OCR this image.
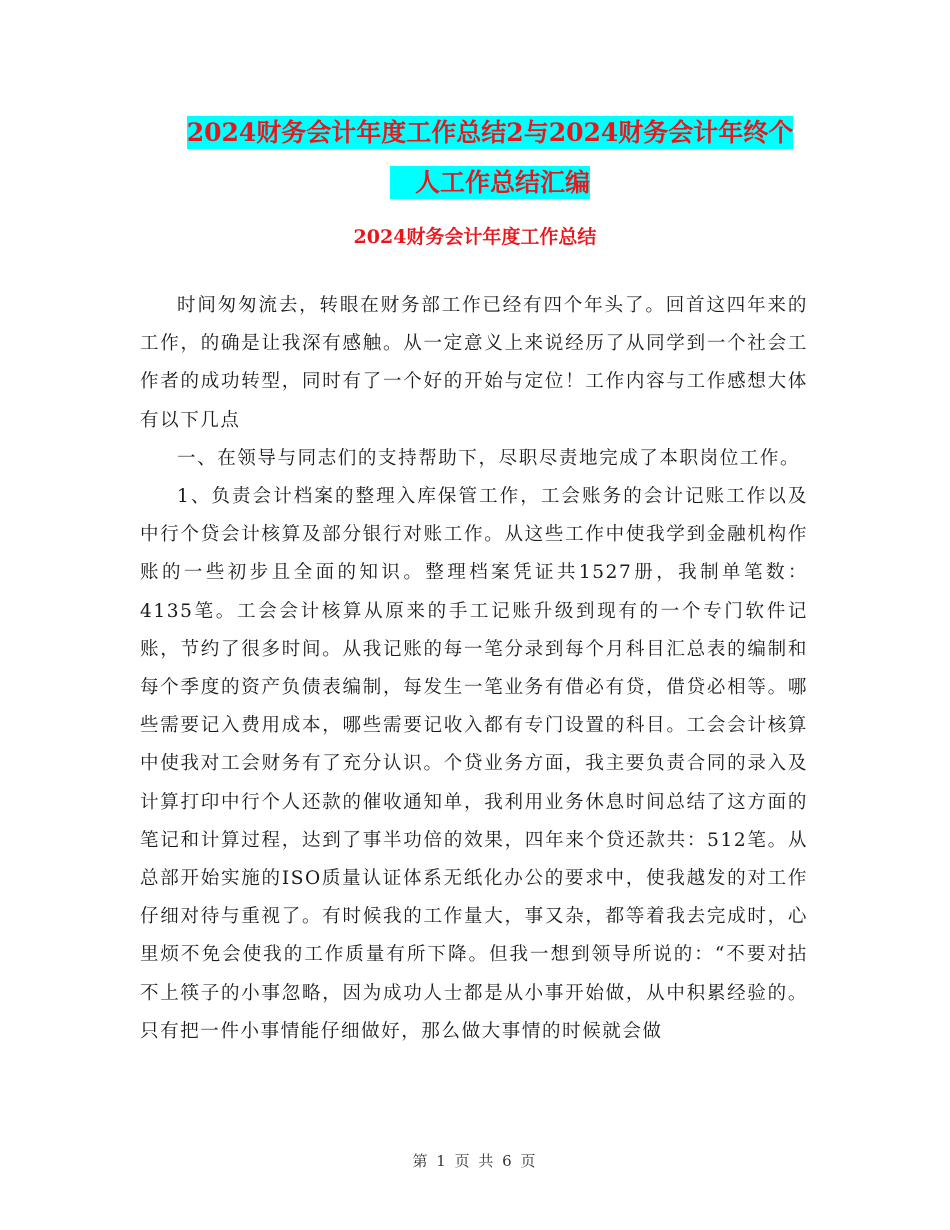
2024财务会计年度工作总结2与2024财务会计年终个
人工作总结汇编
2024财务会计年度工作总结

时间匆匆流去，转眼在财务部工作已经有四个年头了。回首这四年来的工作，的确是让我深有感触。从一定意义上来说经历了从同学到一个社会工作者的成功转型，同时有了一个好的开始与定位！工作内容与工作感想大体有以下几点

一、在领导与同志们的支持帮助下，尽职尽责地完成了本职岗位工作。

1、负责会计档案的整理入库保管工作，工会账务的会计记账工作以及中行个贷会计核算及部分银行对账工作。从这些工作中使我学到金融机构作账的一些初步且全面的知识。整理档案凭证共1527册，我制单笔数：4135笔。工会会计核算从原来的手工记账升级到现有的一个专门软件记账，节约了很多时间。从我记账的每一笔分录到每个月科目汇总表的编制和每个季度的资产负债表编制，每发生一笔业务有借必有贷，借贷必相等。哪些需要记入费用成本，哪些需要记收入都有专门设置的科目。工会会计核算中使我对工会财务有了充分认识。个贷业务方面，我主要负责合同的录入及计算打印中行个人还款的催收通知单，我利用业务休息时间总结了这方面的笔记和计算过程，达到了事半功倍的效果，四年来个贷还款共：512笔。从总部开始实施的ISO质量认证体系无纸化办公的要求中，使我越发的对工作仔细对待与重视了。有时候我的工作量大，事又杂，都等着我去完成时，心里烦不免会使我的工作质量有所下降。但我一想到领导所说的：“不要对拈不上筷子的小事忽略，因为成功人士都是从小事开始做，从中积累经验的。只有把一件小事情能仔细做好，那么做大事情的时候就会做

第 1 页 共 6 页
